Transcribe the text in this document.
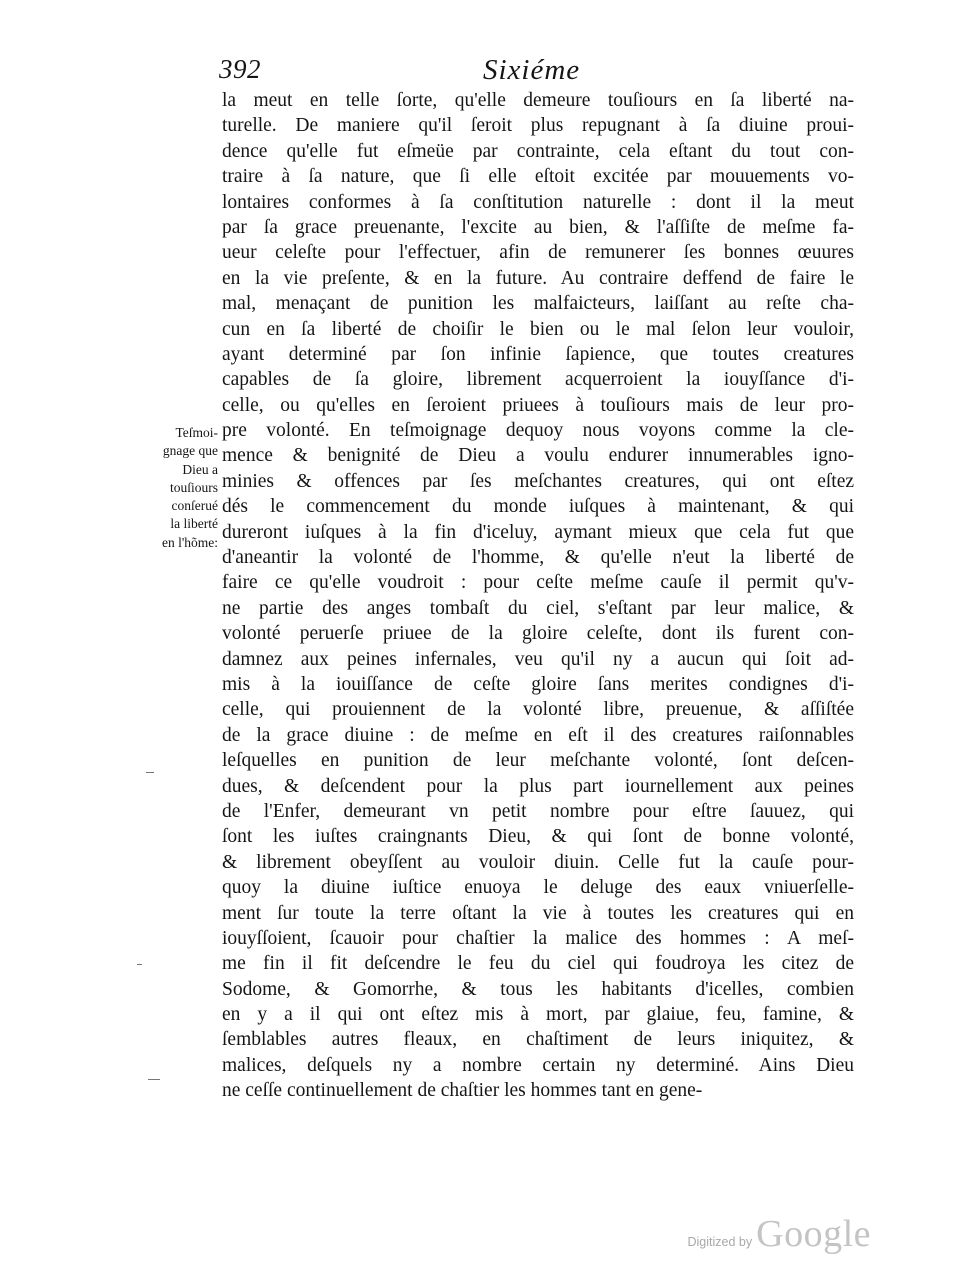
392	Sixiéme
Teſmoi-
gnage que
Dieu a
touſiours
conſerué
la liberté
en l'hõme:
la meut en telle ſorte, qu'elle demeure touſiours en ſa liberté na-
turelle. De maniere qu'il ſeroit plus repugnant à ſa diuine proui-
dence qu'elle fut eſmeüe par contrainte, cela eſtant du tout con-
traire à ſa nature, que ſi elle eſtoit excitée par mouuements vo-
lontaires conformes à ſa conſtitution naturelle : dont il la meut
par ſa grace preuenante, l'excite au bien, & l'aſſiſte de meſme fa-
ueur celeſte pour l'effectuer, afin de remunerer ſes bonnes œuures
en la vie preſente, & en la future. Au contraire deffend de faire le
mal, menaçant de punition les malfaicteurs, laiſſant au reſte cha-
cun en ſa liberté de choiſir le bien ou le mal ſelon leur vouloir,
ayant determiné par ſon infinie ſapience, que toutes creatures
capables de ſa gloire, librement acquerroient la iouyſſance d'i-
celle, ou qu'elles en ſeroient priuees à touſiours mais de leur pro-
pre volonté. En teſmoignage dequoy nous voyons comme la cle-
mence & benignité de Dieu a voulu endurer innumerables igno-
minies & offences par ſes meſchantes creatures, qui ont eſtez
dés le commencement du monde iuſques à maintenant, & qui
dureront iuſques à la fin d'iceluy, aymant mieux que cela fut que
d'aneantir la volonté de l'homme, & qu'elle n'eut la liberté de
faire ce qu'elle voudroit : pour ceſte meſme cauſe il permit qu'v-
ne partie des anges tombaſt du ciel, s'eſtant par leur malice, &
volonté peruerſe priuee de la gloire celeſte, dont ils furent con-
damnez aux peines infernales, veu qu'il ny a aucun qui ſoit ad-
mis à la iouiſſance de ceſte gloire ſans merites condignes d'i-
celle, qui prouiennent de la volonté libre, preuenue, & aſſiſtée
de la grace diuine : de meſme en eſt il des creatures raiſonnables
leſquelles en punition de leur meſchante volonté, ſont deſcen-
dues, & deſcendent pour la plus part iournellement aux peines
de l'Enfer, demeurant vn petit nombre pour eſtre ſauuez, qui
ſont les iuſtes craingnants Dieu, & qui ſont de bonne volonté,
& librement obeyſſent au vouloir diuin. Celle fut la cauſe pour-
quoy la diuine iuſtice enuoya le deluge des eaux vniuerſelle-
ment ſur toute la terre oſtant la vie à toutes les creatures qui en
iouyſſoient, ſcauoir pour chaſtier la malice des hommes : A meſ-
me fin il fit deſcendre le feu du ciel qui foudroya les citez de
Sodome, & Gomorrhe, & tous les habitants d'icelles, combien
en y a il qui ont eſtez mis à mort, par glaiue, feu, famine, &
ſemblables autres fleaux, en chaſtiment de leurs iniquitez, &
malices, deſquels ny a nombre certain ny determiné. Ains Dieu
ne ceſſe continuellement de chaſtier les hommes tant en gene-
Digitized by Google
